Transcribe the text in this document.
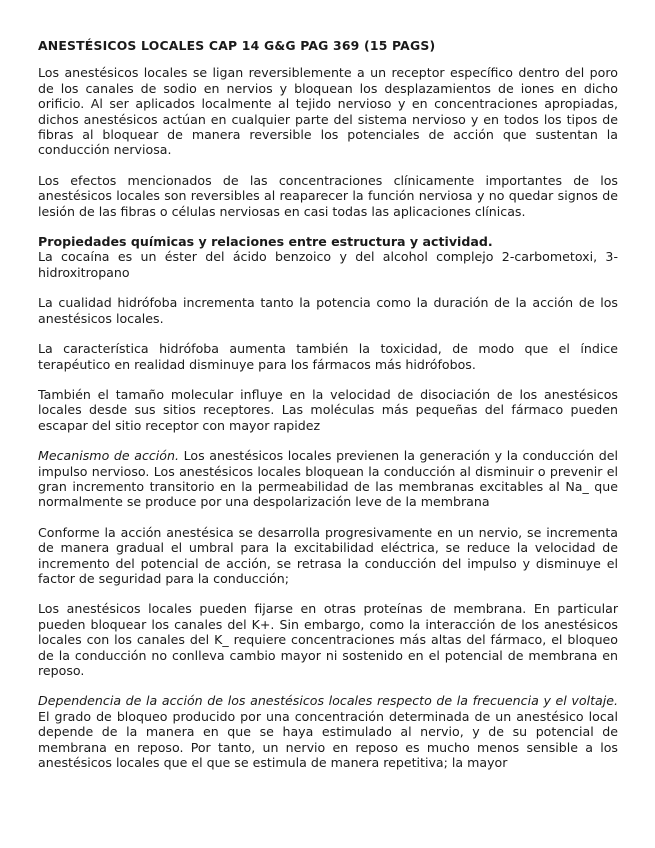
ANESTÉSICOS LOCALES CAP 14 G&G PAG 369 (15 PAGS)

Los anestésicos locales se ligan reversiblemente a un receptor específico dentro del poro de los canales de sodio en nervios y bloquean los desplazamientos de iones en dicho orificio. Al ser aplicados localmente al tejido nervioso y en concentraciones apropiadas, dichos anestésicos actúan en cualquier parte del sistema nervioso y en todos los tipos de fibras al bloquear de manera reversible los potenciales de acción que sustentan la conducción nerviosa.

Los efectos mencionados de las concentraciones clínicamente importantes de los anestésicos locales son reversibles al reaparecer la función nerviosa y no quedar signos de lesión de las fibras o células nerviosas en casi todas las aplicaciones clínicas.

Propiedades químicas y relaciones entre estructura y actividad.

La cocaína es un éster del ácido benzoico y del alcohol complejo 2-carbometoxi, 3-hidroxitropano

La cualidad hidrófoba incrementa tanto la potencia como la duración de la acción de los anestésicos locales.

La característica hidrófoba aumenta también la toxicidad, de modo que el índice terapéutico en realidad disminuye para los fármacos más hidrófobos.

También el tamaño molecular influye en la velocidad de disociación de los anestésicos locales desde sus sitios receptores. Las moléculas más pequeñas del fármaco pueden escapar del sitio receptor con mayor rapidez

Mecanismo de acción. Los anestésicos locales previenen la generación y la conducción del impulso nervioso. Los anestésicos locales bloquean la conducción al disminuir o prevenir el gran incremento transitorio en la permeabilidad de las membranas excitables al Na_ que normalmente se produce por una despolarización leve de la membrana

Conforme la acción anestésica se desarrolla progresivamente en un nervio, se incrementa de manera gradual el umbral para la excitabilidad eléctrica, se reduce la velocidad de incremento del potencial de acción, se retrasa la conducción del impulso y disminuye el factor de seguridad para la conducción;

Los anestésicos locales pueden fijarse en otras proteínas de membrana. En particular pueden bloquear los canales del K+. Sin embargo, como la interacción de los anestésicos locales con los canales del K_ requiere concentraciones más altas del fármaco, el bloqueo de la conducción no conlleva cambio mayor ni sostenido en el potencial de membrana en reposo.

Dependencia de la acción de los anestésicos locales respecto de la frecuencia y el voltaje. El grado de bloqueo producido por una concentración determinada de un anestésico local depende de la manera en que se haya estimulado al nervio, y de su potencial de membrana en reposo. Por tanto, un nervio en reposo es mucho menos sensible a los anestésicos locales que el que se estimula de manera repetitiva; la mayor
